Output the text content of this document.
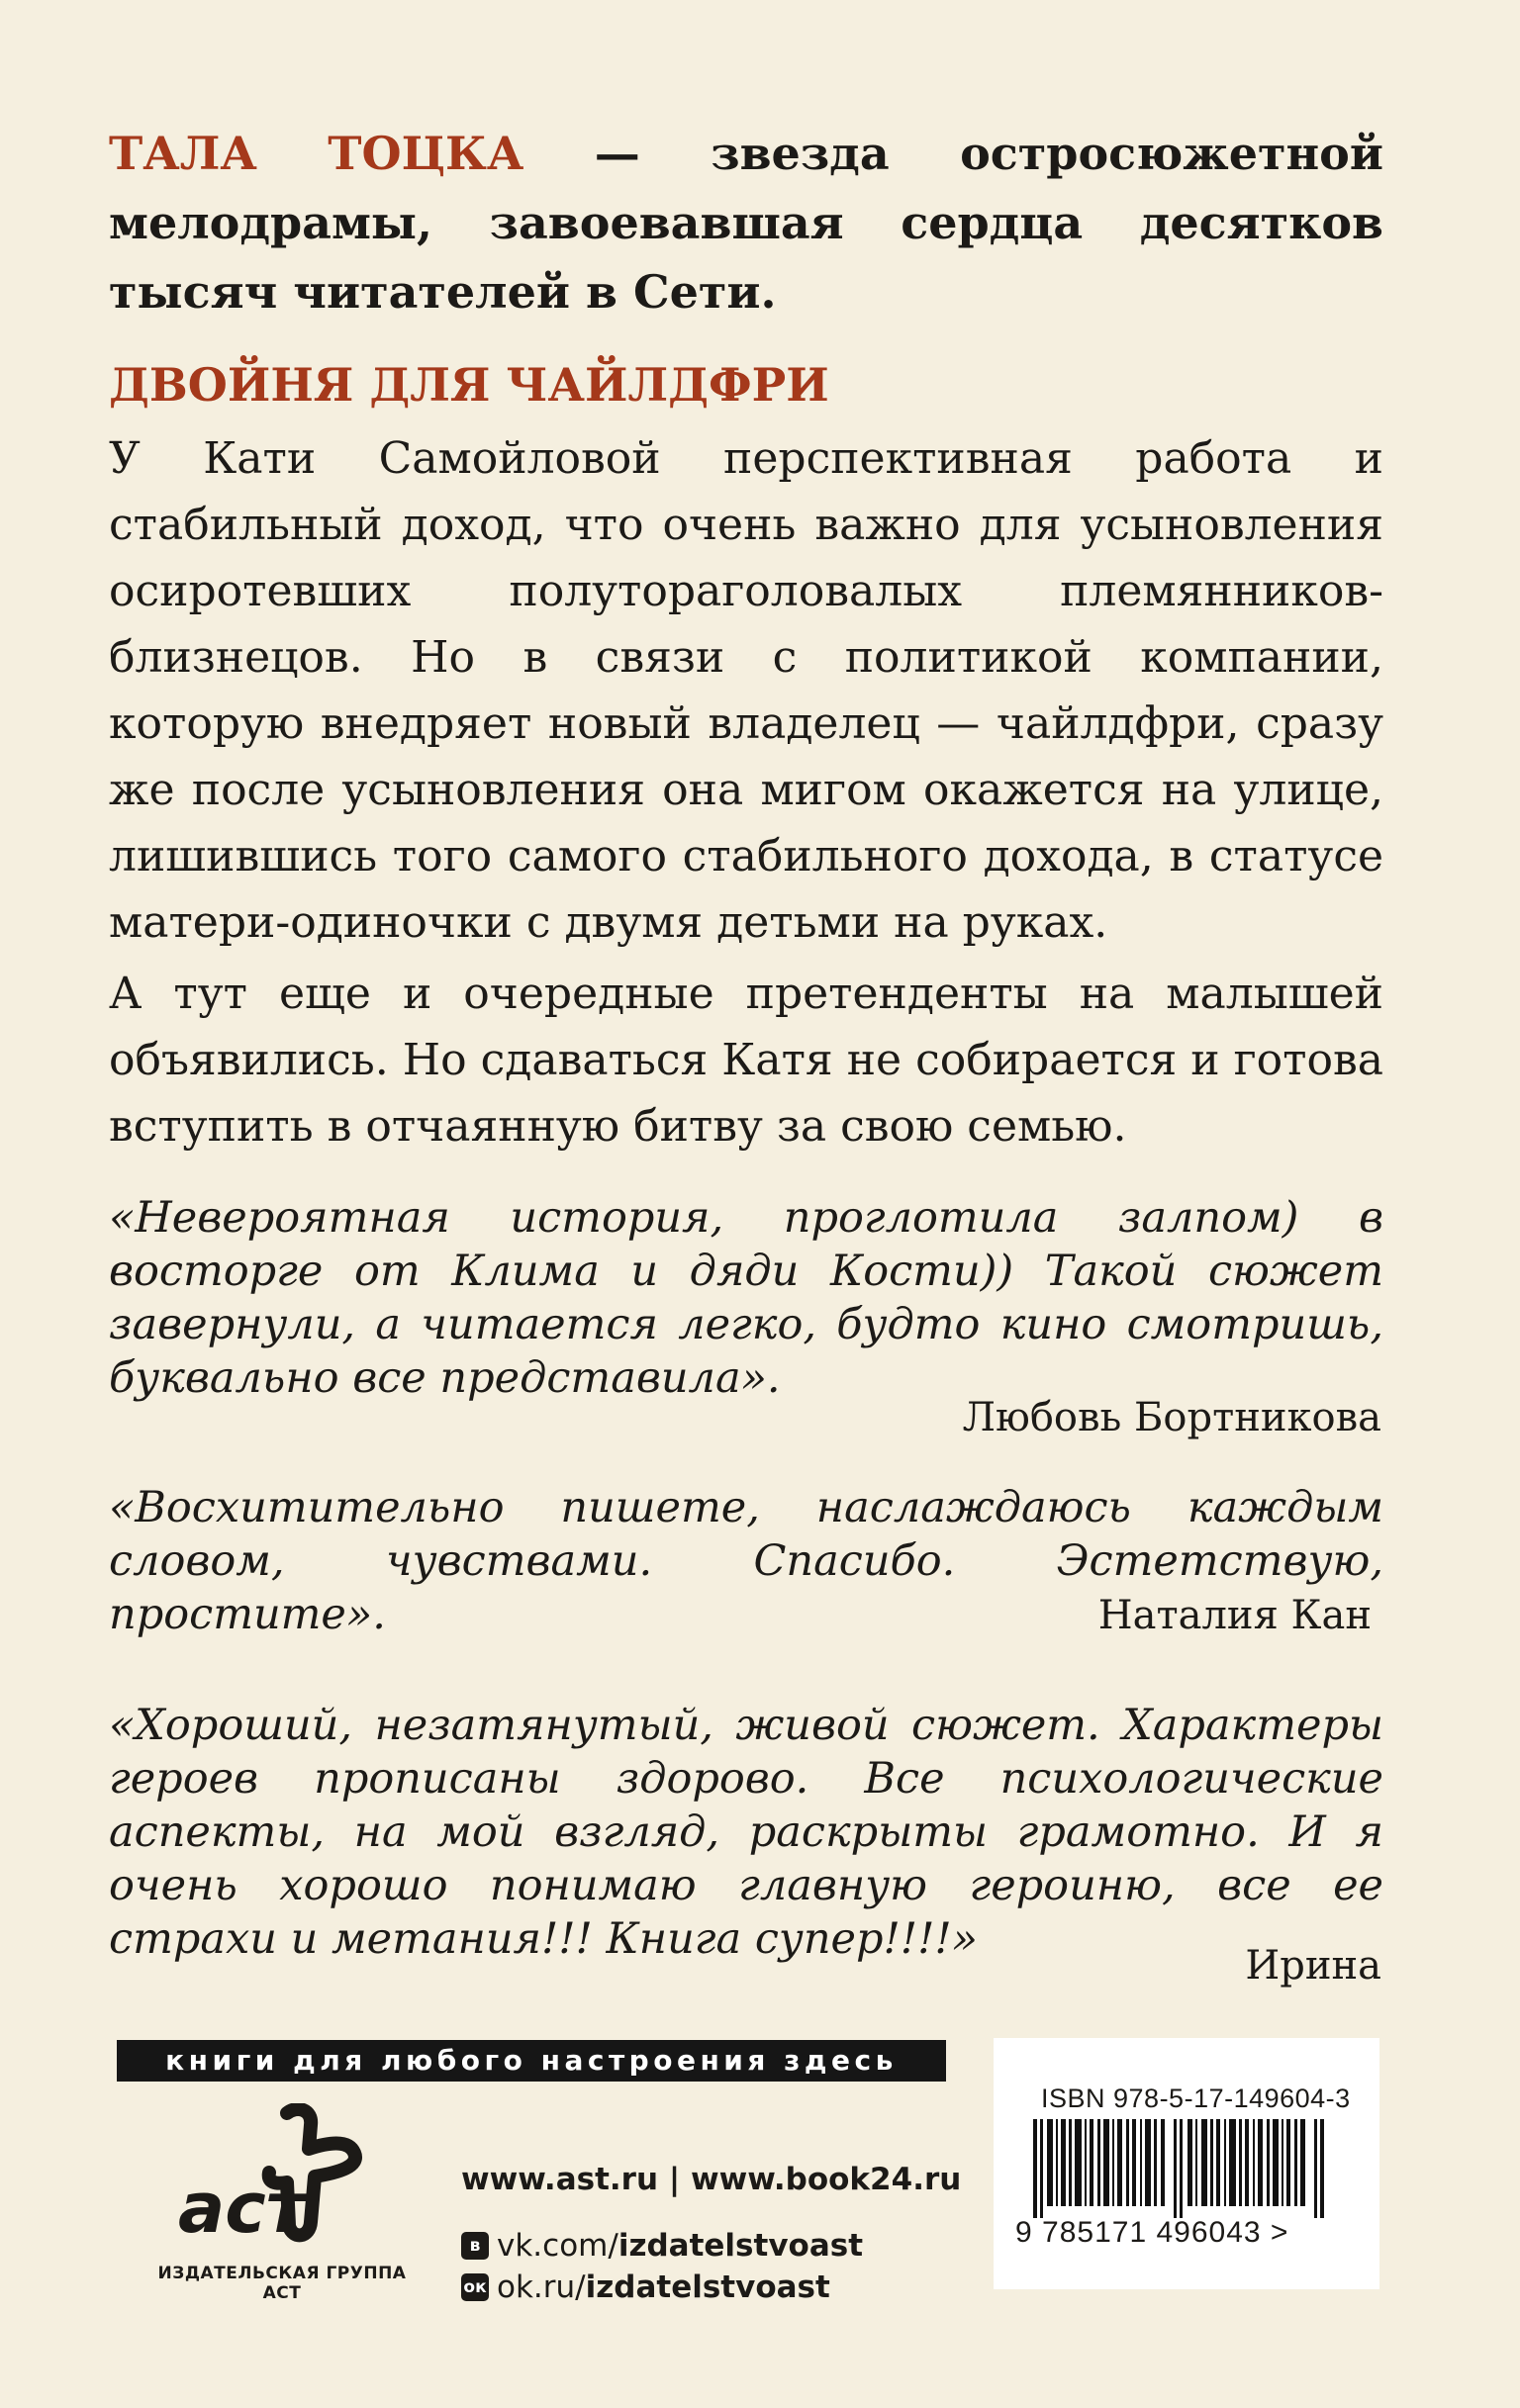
ТАЛА ТОЦКА — звезда остросюжетной мелодрамы, завоевавшая сердца десятков тысяч читателей в Сети.
ДВОЙНЯ ДЛЯ ЧАЙЛДФРИ

У Кати Самойловой перспективная работа и стабильный доход, что очень важно для усыновления осиротевших полутораголовалых племянников-близнецов. Но в связи с политикой компании, которую внедряет новый владелец — чайлдфри, сразу же после усыновления она мигом окажется на улице, лишившись того самого стабильного дохода, в статусе матери-одиночки с двумя детьми на руках.

А тут еще и очередные претенденты на малышей объявились. Но сдаваться Катя не собирается и готова вступить в отчаянную битву за свою семью.

«Невероятная история, проглотила залпом) в восторге от Клима и дяди Кости)) Такой сюжет завернули, а читается легко, будто кино смотришь, буквально все представила».
Любовь Бортникова
«Восхитительно пишете, наслаждаюсь каждым словом, чувствами. Спасибо. Эстетствую, простите».	Наталия Кан
«Хороший, незатянутый, живой сюжет. Характеры героев прописаны здорово. Все психологические аспекты, на мой взгляд, раскрыты грамотно. И я очень хорошо понимаю главную героиню, все ее страхи и метания!!! Книга супер!!!!»
Ирина
книги для любого настроения здесь
аст
ИЗДАТЕЛЬСКАЯ ГРУППА АСТ
www.ast.ru | www.book24.ru
в vk.com/ izdatelstvoast
ок ok.ru/ izdatelstvoast
ISBN 978-5-17-149604-3
9 785171 496043 >
